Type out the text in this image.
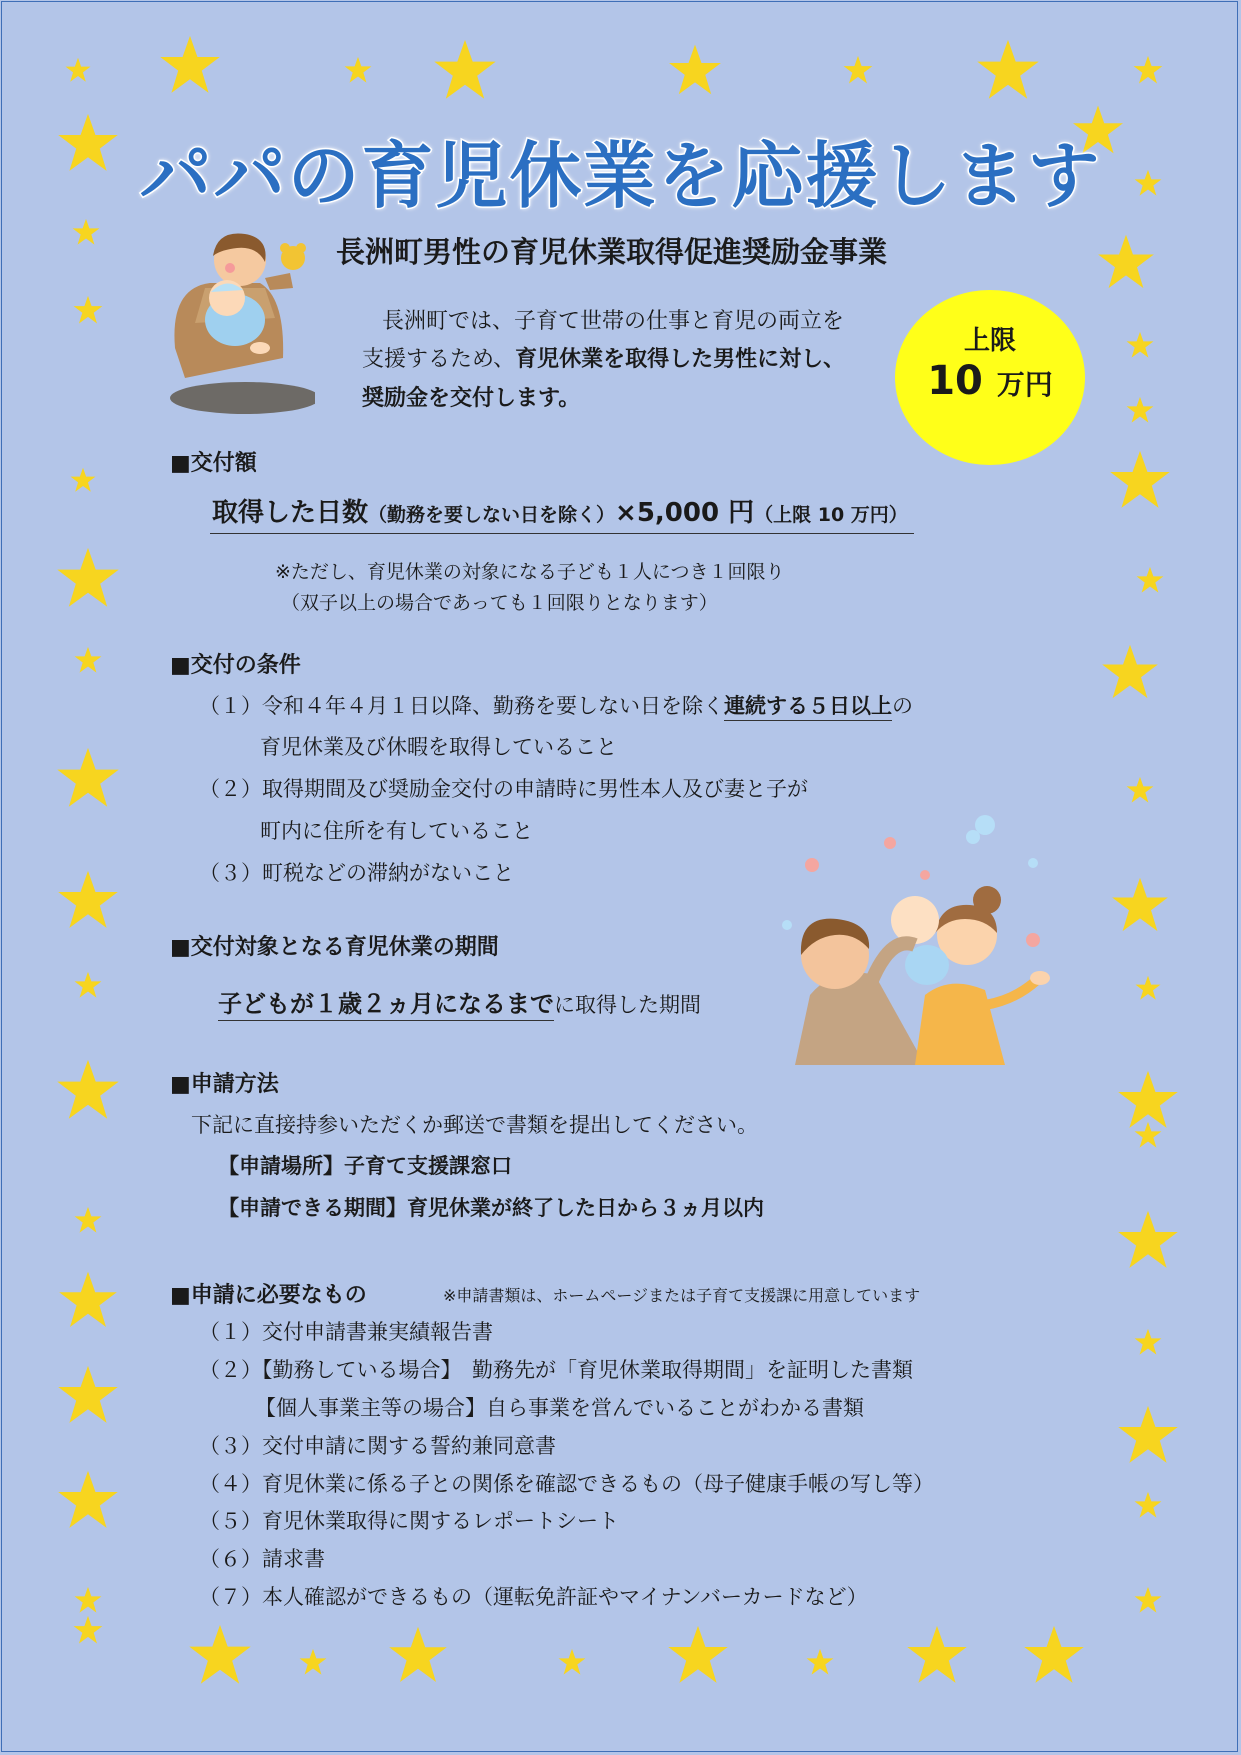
パパの育児休業を応援します
長洲町男性の育児休業取得促進奨励金事業
長洲町では、子育て世帯の仕事と育児の両立を
支援するため、育児休業を取得した男性に対し、
奨励金を交付します。
上限
10 万円
■交付額
取得した日数（勤務を要しない日を除く）×5,000 円（上限 10 万円）
※ただし、育児休業の対象になる子ども１人につき１回限り
（双子以上の場合であっても１回限りとなります）
■交付の条件
（１）令和４年４月１日以降、勤務を要しない日を除く連続する５日以上の
育児休業及び休暇を取得していること
（２）取得期間及び奨励金交付の申請時に男性本人及び妻と子が
町内に住所を有していること
（３）町税などの滞納がないこと
■交付対象となる育児休業の期間
子どもが１歳２ヵ月になるまでに取得した期間
■申請方法
下記に直接持参いただくか郵送で書類を提出してください。
【申請場所】子育て支援課窓口
【申請できる期間】育児休業が終了した日から３ヵ月以内
■申請に必要なもの	※申請書類は、ホームページまたは子育て支援課に用意しています
（１）交付申請書兼実績報告書
（２）【勤務している場合】　勤務先が「育児休業取得期間」を証明した書類
【個人事業主等の場合】自ら事業を営んでいることがわかる書類
（３）交付申請に関する誓約兼同意書
（４）育児休業に係る子との関係を確認できるもの（母子健康手帳の写し等）
（５）育児休業取得に関するレポートシート
（６）請求書
（７）本人確認ができるもの（運転免許証やマイナンバーカードなど）
